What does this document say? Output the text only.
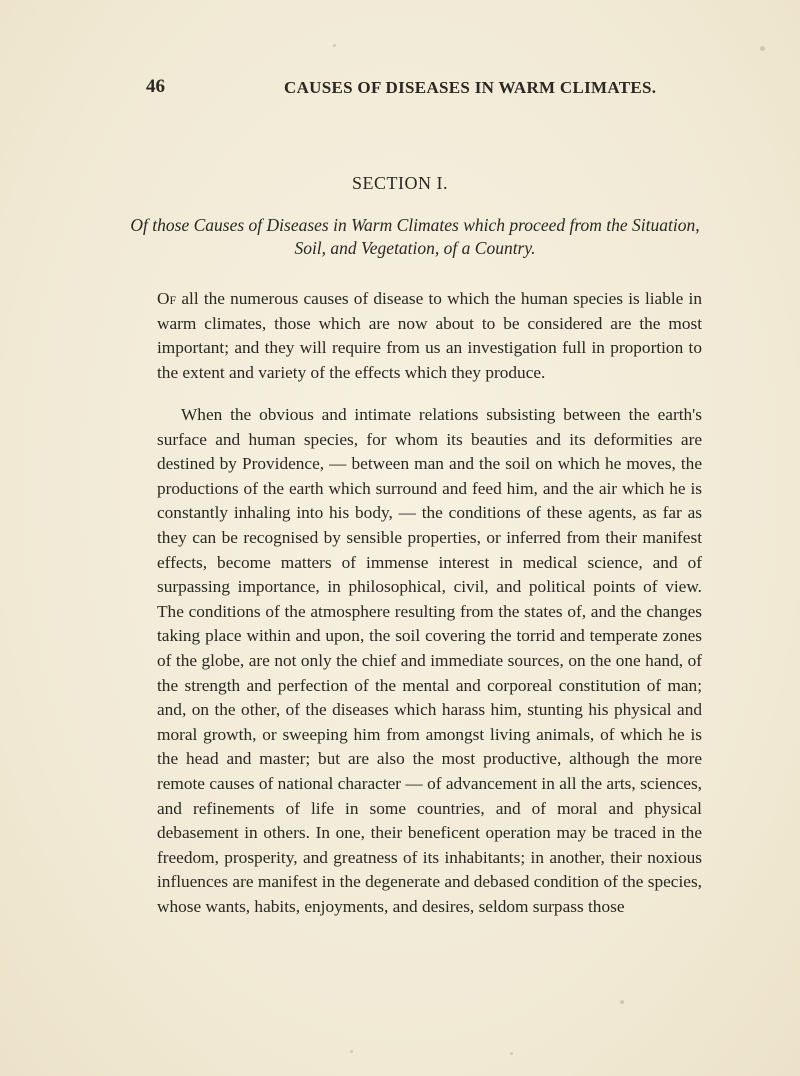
46	CAUSES OF DISEASES IN WARM CLIMATES.
SECTION I.
Of those Causes of Diseases in Warm Climates which proceed from the Situation,
Soil, and Vegetation, of a Country.

Of all the numerous causes of disease to which the human species is liable in warm climates, those which are now about to be considered are the most important; and they will require from us an investigation full in proportion to the extent and variety of the effects which they produce.

When the obvious and intimate relations subsisting between the earth's surface and human species, for whom its beauties and its deformities are destined by Providence, — between man and the soil on which he moves, the productions of the earth which surround and feed him, and the air which he is constantly inhaling into his body, — the conditions of these agents, as far as they can be recognised by sensible properties, or inferred from their manifest effects, become matters of immense interest in medical science, and of surpassing importance, in philosophical, civil, and political points of view. The conditions of the atmosphere resulting from the states of, and the changes taking place within and upon, the soil covering the torrid and temperate zones of the globe, are not only the chief and immediate sources, on the one hand, of the strength and perfection of the mental and corporeal constitution of man; and, on the other, of the diseases which harass him, stunting his physical and moral growth, or sweeping him from amongst living animals, of which he is the head and master; but are also the most productive, although the more remote causes of national character — of advancement in all the arts, sciences, and refinements of life in some countries, and of moral and physical debasement in others. In one, their beneficent operation may be traced in the freedom, prosperity, and greatness of its inhabitants; in another, their noxious influences are manifest in the degenerate and debased condition of the species, whose wants, habits, enjoyments, and desires, seldom surpass those
